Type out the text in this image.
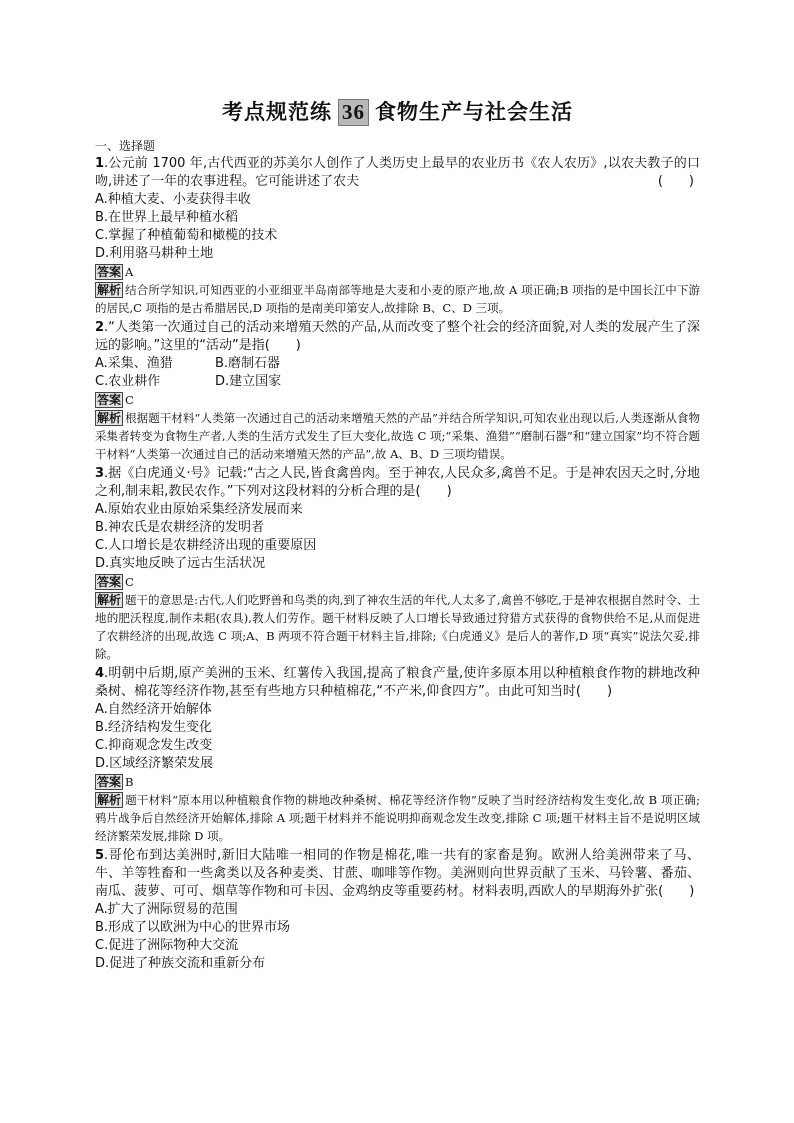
考点规范练 36 食物生产与社会生活
一、选择题
1.公元前 1700 年,古代西亚的苏美尔人创作了人类历史上最早的农业历书《农人农历》,以农夫教子的口吻,讲述了一年的农事进程。它可能讲述了农夫	(　　)
A.种植大麦、小麦获得丰收
B.在世界上最早种植水稻
C.掌握了种植葡萄和橄榄的技术
D.利用骆马耕种土地
答案 A
解析 结合所学知识,可知西亚的小亚细亚半岛南部等地是大麦和小麦的原产地,故 A 项正确;B 项指的是中国长江中下游的居民,C 项指的是古希腊居民,D 项指的是南美印第安人,故排除 B、C、D 三项。
2.“人类第一次通过自己的活动来增殖天然的产品,从而改变了整个社会的经济面貌,对人类的发展产生了深远的影响。”这里的“活动”是指(　　)
A.采集、渔猎	B.磨制石器
C.农业耕作	D.建立国家
答案 C
解析 根据题干材料“人类第一次通过自己的活动来增殖天然的产品”并结合所学知识,可知农业出现以后,人类逐渐从食物采集者转变为食物生产者,人类的生活方式发生了巨大变化,故选 C 项;“采集、渔猎”“磨制石器”和“建立国家”均不符合题干材料“人类第一次通过自己的活动来增殖天然的产品”,故 A、B、D 三项均错误。
3.据《白虎通义·号》记载:“古之人民,皆食禽兽肉。至于神农,人民众多,禽兽不足。于是神农因天之时,分地之利,制耒耜,教民农作。”下列对这段材料的分析合理的是(　　)
A.原始农业由原始采集经济发展而来
B.神农氏是农耕经济的发明者
C.人口增长是农耕经济出现的重要原因
D.真实地反映了远古生活状况
答案 C
解析 题干的意思是:古代,人们吃野兽和鸟类的肉,到了神农生活的年代,人太多了,禽兽不够吃,于是神农根据自然时令、土地的肥沃程度,制作耒耜(农具),教人们劳作。题干材料反映了人口增长导致通过狩猎方式获得的食物供给不足,从而促进了农耕经济的出现,故选 C 项;A、B 两项不符合题干材料主旨,排除;《白虎通义》是后人的著作,D 项“真实”说法欠妥,排除。
4.明朝中后期,原产美洲的玉米、红薯传入我国,提高了粮食产量,使许多原本用以种植粮食作物的耕地改种桑树、棉花等经济作物,甚至有些地方只种植棉花,“不产米,仰食四方”。由此可知当时(　　)
A.自然经济开始解体
B.经济结构发生变化
C.抑商观念发生改变
D.区域经济繁荣发展
答案 B
解析 题干材料“原本用以种植粮食作物的耕地改种桑树、棉花等经济作物”反映了当时经济结构发生变化,故 B 项正确;鸦片战争后自然经济开始解体,排除 A 项;题干材料并不能说明抑商观念发生改变,排除 C 项;题干材料主旨不是说明区域经济繁荣发展,排除 D 项。
5.哥伦布到达美洲时,新旧大陆唯一相同的作物是棉花,唯一共有的家畜是狗。欧洲人给美洲带来了马、牛、羊等牲畜和一些禽类以及各种麦类、甘蔗、咖啡等作物。美洲则向世界贡献了玉米、马铃薯、番茄、南瓜、菠萝、可可、烟草等作物和可卡因、金鸡纳皮等重要药材。材料表明,西欧人的早期海外扩张(　　)
A.扩大了洲际贸易的范围
B.形成了以欧洲为中心的世界市场
C.促进了洲际物种大交流
D.促进了种族交流和重新分布
